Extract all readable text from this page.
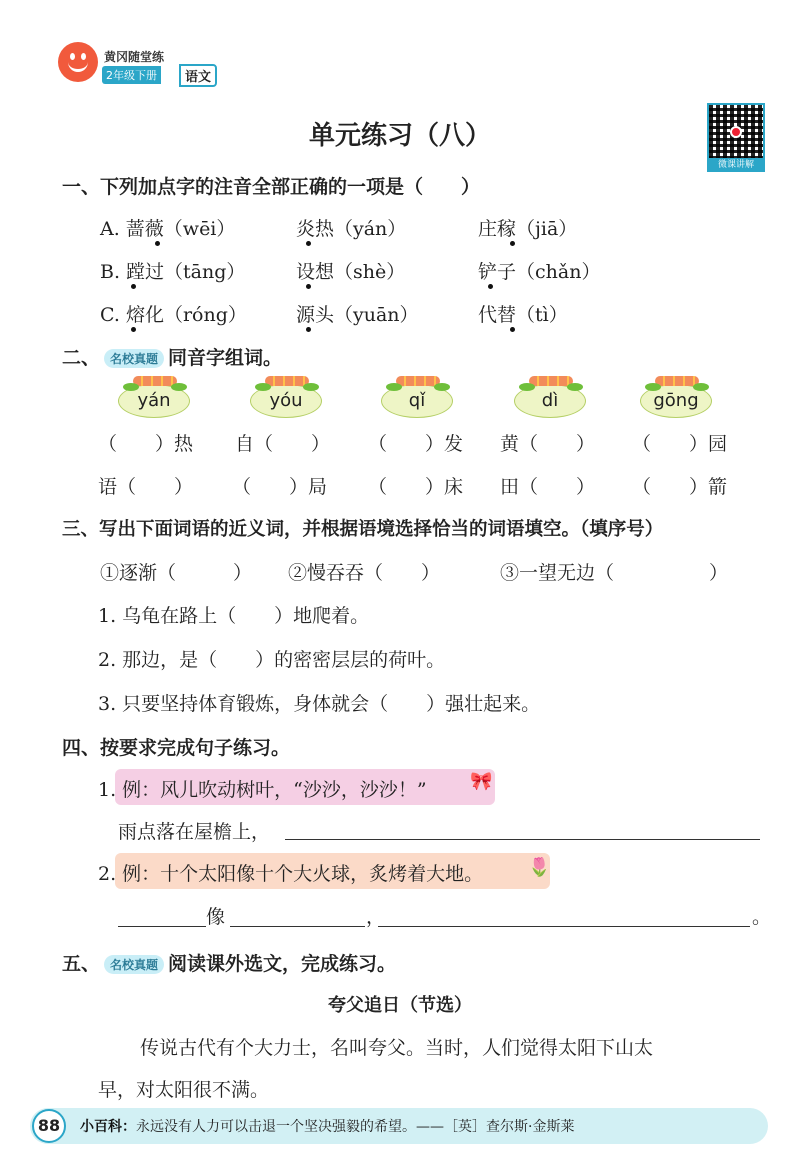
黄冈随堂练
2年级下册	语文
单元练习（八）
微课讲解
一、下列加点字的注音全部正确的一项是（　　）
A. 蔷薇（wēi）	炎热（yán）	庄稼（jiā）
B. 蹚过（tāng）	设想（shè）	铲子（chǎn）
C. 熔化（róng）	源头（yuān）	代替（tì）
二、 名校真题 同音字组词。
yán	yóu	qǐ	dì	gōng
（　　）热 自（　　） （　　）发 黄（　　） （　　）园
语（　　） （　　）局 （　　）床 田（　　） （　　）箭
三、写出下面词语的近义词，并根据语境选择恰当的词语填空。（填序号）
①逐渐（　　　） ②慢吞吞（　　）	③一望无边（　　　　　）
1. 乌龟在路上（　　）地爬着。
2. 那边，是（　　）的密密层层的荷叶。
3. 只要坚持体育锻炼，身体就会（　　）强壮起来。
四、按要求完成句子练习。
1. 例：风儿吹动树叶，“沙沙，沙沙！” 🎀
雨点落在屋檐上，
2. 例：十个太阳像十个大火球，炙烤着大地。 🌷
像	，	。
五、 名校真题 阅读课外选文，完成练习。
夸父追日（节选）
传说古代有个大力士，名叫夸父。当时，人们觉得太阳下山太
早，对太阳很不满。
88	小百科：永远没有人力可以击退一个坚决强毅的希望。——［英］查尔斯·金斯莱
